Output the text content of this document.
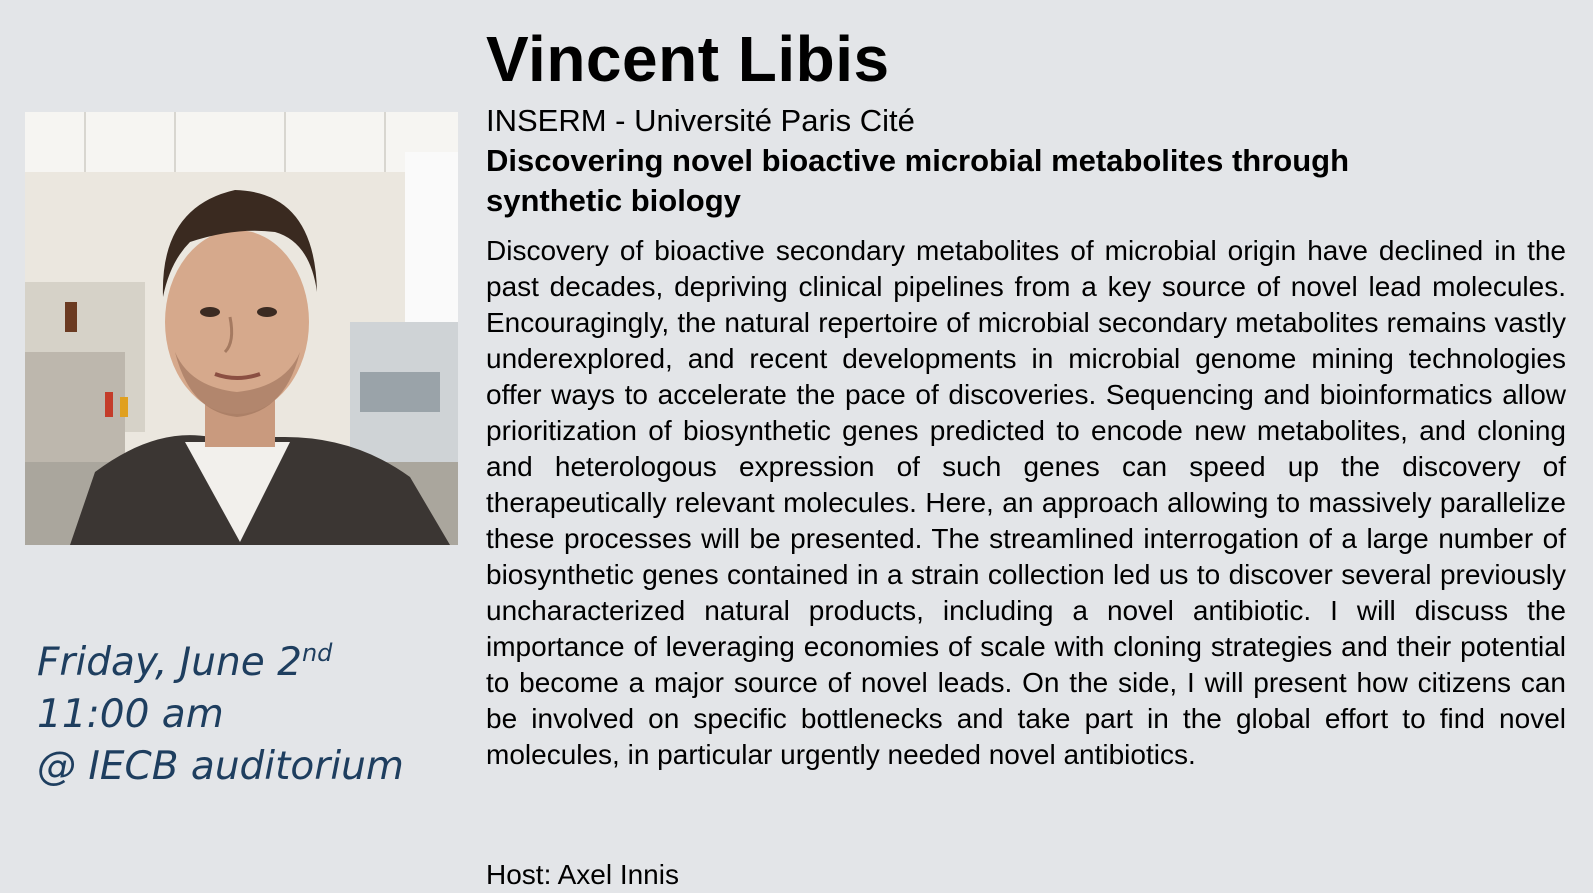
Vincent Libis
INSERM - Université Paris Cité
Discovering novel bioactive microbial metabolites through synthetic biology
Discovery of bioactive secondary metabolites of microbial origin have declined in the past decades, depriving clinical pipelines from a key source of novel lead molecules. Encouragingly, the natural repertoire of microbial secondary metabolites remains vastly underexplored, and recent developments in microbial genome mining technologies offer ways to accelerate the pace of discoveries. Sequencing and bioinformatics allow prioritization of biosynthetic genes predicted to encode new metabolites, and cloning and heterologous expression of such genes can speed up the discovery of therapeutically relevant molecules. Here, an approach allowing to massively parallelize these processes will be presented. The streamlined interrogation of a large number of biosynthetic genes contained in a strain collection led us to discover several previously uncharacterized natural products, including a novel antibiotic. I will discuss the importance of leveraging economies of scale with cloning strategies and their potential to become a major source of novel leads. On the side, I will present how citizens can be involved on specific bottlenecks and take part in the global effort to find novel molecules, in particular urgently needed novel antibiotics.
Host: Axel Innis
Friday, June 2nd
11:00 am
@ IECB auditorium
